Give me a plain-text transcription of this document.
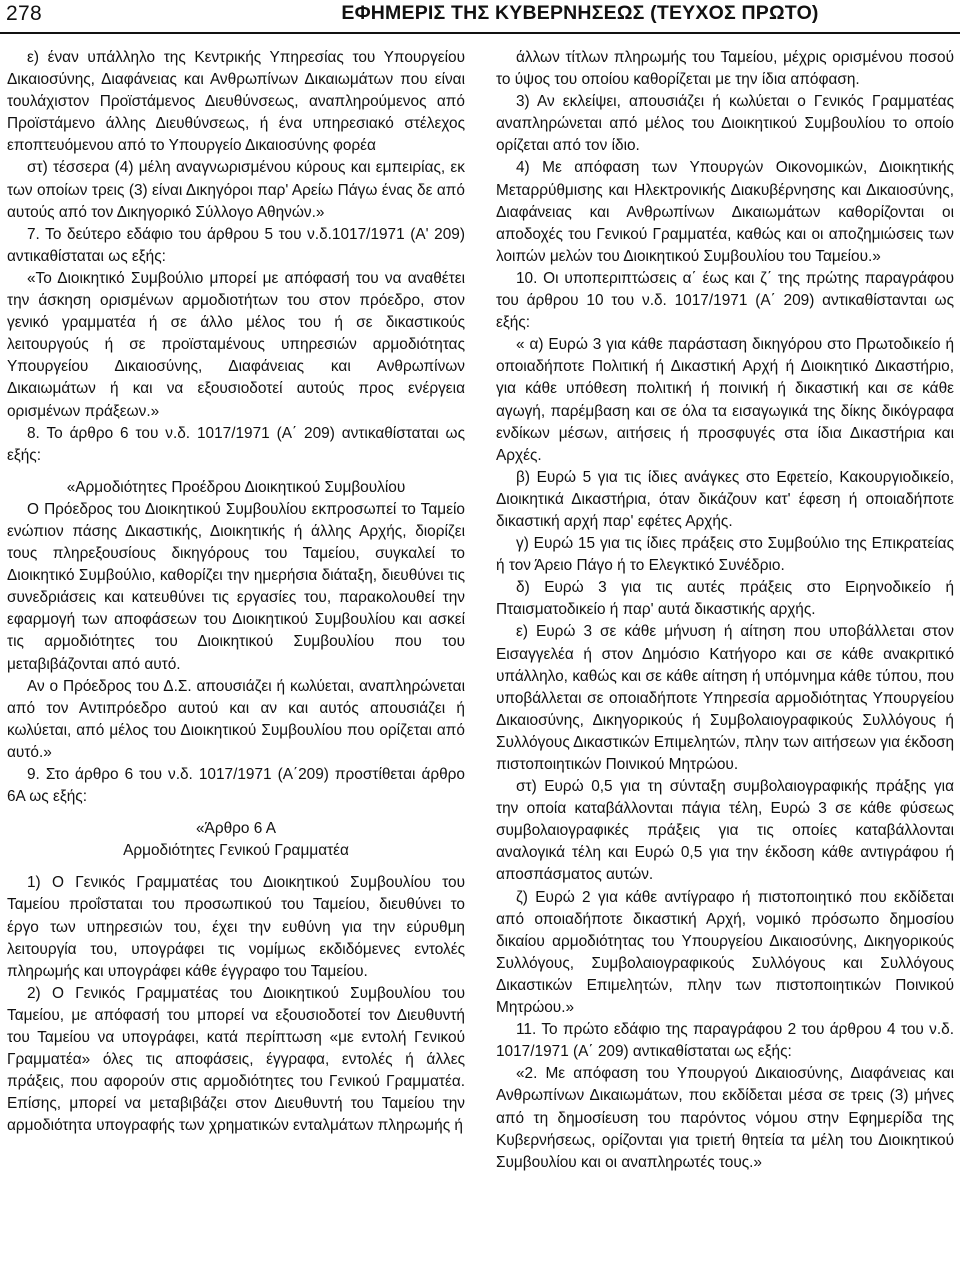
278	ΕΦΗΜΕΡΙΣ ΤΗΣ ΚΥΒΕΡΝΗΣΕΩΣ (ΤΕΥΧΟΣ ΠΡΩΤΟ)

ε) έναν υπάλληλο της Κεντρικής Υπηρεσίας του Υπουργείου Δικαιοσύνης, Διαφάνειας και Ανθρωπίνων Δικαιωμάτων που είναι τουλάχιστον Προϊστάμενος Διευθύνσεως, αναπληρούμενος από Προϊστάμενο άλλης Διευθύνσεως, ή ένα υπηρεσιακό στέλεχος εποπτευόμενου από το Υπουργείο Δικαιοσύνης φορέα

στ) τέσσερα (4) μέλη αναγνωρισμένου κύρους και εμπειρίας, εκ των οποίων τρεις (3) είναι Δικηγόροι παρ' Αρείω Πάγω ένας δε από αυτούς από τον Δικηγορικό Σύλλογο Αθηνών.»

7. Το δεύτερο εδάφιο του άρθρου 5 του ν.δ.1017/1971 (Α' 209) αντικαθίσταται ως εξής:

«Το Διοικητικό Συμβούλιο μπορεί με απόφασή του να αναθέτει την άσκηση ορισμένων αρμοδιοτήτων του στον πρόεδρο, στον γενικό γραμματέα ή σε άλλο μέλος του ή σε δικαστικούς λειτουργούς ή σε προϊσταμένους υπηρεσιών αρμοδιότητας Υπουργείου Δικαιοσύνης, Διαφάνειας και Ανθρωπίνων Δικαιωμάτων ή και να εξουσιοδοτεί αυτούς προς ενέργεια ορισμένων πράξεων.»

8. Το άρθρο 6 του ν.δ. 1017/1971 (Α΄ 209) αντικαθίσταται ως εξής:

«Αρμοδιότητες Προέδρου Διοικητικού Συμβουλίου

Ο Πρόεδρος του Διοικητικού Συμβουλίου εκπροσωπεί το Ταμείο ενώπιον πάσης Δικαστικής, Διοικητικής ή άλλης Αρχής, διορίζει τους πληρεξουσίους δικηγόρους του Ταμείου, συγκαλεί το Διοικητικό Συμβούλιο, καθορίζει την ημερήσια διάταξη, διευθύνει τις συνεδριάσεις και κατευθύνει τις εργασίες του, παρακολουθεί την εφαρμογή των αποφάσεων του Διοικητικού Συμβουλίου και ασκεί τις αρμοδιότητες του Διοικητικού Συμβουλίου που του μεταβιβάζονται από αυτό.

Αν ο Πρόεδρος του Δ.Σ. απουσιάζει ή κωλύεται, αναπληρώνεται από τον Αντιπρόεδρο αυτού και αν και αυτός απουσιάζει ή κωλύεται, από μέλος του Διοικητικού Συμβουλίου που ορίζεται από αυτό.»

9. Στο άρθρο 6 του ν.δ. 1017/1971 (Α΄209) προστίθεται άρθρο 6Α ως εξής:

«Άρθρο 6 Α

Αρμοδιότητες Γενικού Γραμματέα

1) Ο Γενικός Γραμματέας του Διοικητικού Συμβουλίου του Ταμείου προΐσταται του προσωπικού του Ταμείου, διευθύνει το έργο των υπηρεσιών του, έχει την ευθύνη για την εύρυθμη λειτουργία του, υπογράφει τις νομίμως εκδιδόμενες εντολές πληρωμής και υπογράφει κάθε έγγραφο του Ταμείου.

2) Ο Γενικός Γραμματέας του Διοικητικού Συμβουλίου του Ταμείου, με απόφασή του μπορεί να εξουσιοδοτεί τον Διευθυντή του Ταμείου να υπογράφει, κατά περίπτωση «με εντολή Γενικού Γραμματέα» όλες τις αποφάσεις, έγγραφα, εντολές ή άλλες πράξεις, που αφορούν στις αρμοδιότητες του Γενικού Γραμματέα. Επίσης, μπορεί να μεταβιβάζει στον Διευθυντή του Ταμείου την αρμοδιότητα υπογραφής των χρηματικών ενταλμάτων πληρωμής ή

άλλων τίτλων πληρωμής του Ταμείου, μέχρις ορισμένου ποσού το ύψος του οποίου καθορίζεται με την ίδια απόφαση.

3) Αν εκλείψει, απουσιάζει ή κωλύεται ο Γενικός Γραμματέας αναπληρώνεται από μέλος του Διοικητικού Συμβουλίου το οποίο ορίζεται από τον ίδιο.

4) Με απόφαση των Υπουργών Οικονομικών, Διοικητικής Μεταρρύθμισης και Ηλεκτρονικής Διακυβέρνησης και Δικαιοσύνης, Διαφάνειας και Ανθρωπίνων Δικαιωμάτων καθορίζονται οι αποδοχές του Γενικού Γραμματέα, καθώς και οι αποζημιώσεις των λοιπών μελών του Διοικητικού Συμβουλίου του Ταμείου.»

10. Οι υποπεριπτώσεις α΄ έως και ζ΄ της πρώτης παραγράφου του άρθρου 10 του ν.δ. 1017/1971 (Α΄ 209) αντικαθίστανται ως εξής:

« α) Ευρώ 3 για κάθε παράσταση δικηγόρου στο Πρωτοδικείο ή οποιαδήποτε Πολιτική ή Δικαστική Αρχή ή Διοικητικό Δικαστήριο, για κάθε υπόθεση πολιτική ή ποινική ή δικαστική και σε κάθε αγωγή, παρέμβαση και σε όλα τα εισαγωγικά της δίκης δικόγραφα ενδίκων μέσων, αιτήσεις ή προσφυγές στα ίδια Δικαστήρια και Αρχές.

β) Ευρώ 5 για τις ίδιες ανάγκες στο Εφετείο, Κακουργιοδικείο, Διοικητικά Δικαστήρια, όταν δικάζουν κατ' έφεση ή οποιαδήποτε δικαστική αρχή παρ' εφέτες Αρχής.

γ) Ευρώ 15 για τις ίδιες πράξεις στο Συμβούλιο της Επικρατείας ή τον Άρειο Πάγο ή το Ελεγκτικό Συνέδριο.

δ) Ευρώ 3 για τις αυτές πράξεις στο Ειρηνοδικείο ή Πταισματοδικείο ή παρ' αυτά δικαστικής αρχής.

ε) Ευρώ 3 σε κάθε μήνυση ή αίτηση που υποβάλλεται στον Εισαγγελέα ή στον Δημόσιο Κατήγορο και σε κάθε ανακριτικό υπάλληλο, καθώς και σε κάθε αίτηση ή υπόμνημα κάθε τύπου, που υποβάλλεται σε οποιαδήποτε Υπηρεσία αρμοδιότητας Υπουργείου Δικαιοσύνης, Δικηγορικούς ή Συμβολαιογραφικούς Συλλόγους ή Συλλόγους Δικαστικών Επιμελητών, πλην των αιτήσεων για έκδοση πιστοποιητικών Ποινικού Μητρώου.

στ) Ευρώ 0,5 για τη σύνταξη συμβολαιογραφικής πράξης για την οποία καταβάλλονται πάγια τέλη, Ευρώ 3 σε κάθε φύσεως συμβολαιογραφικές πράξεις για τις οποίες καταβάλλονται αναλογικά τέλη και Ευρώ 0,5 για την έκδοση κάθε αντιγράφου ή αποσπάσματος αυτών.

ζ) Ευρώ 2 για κάθε αντίγραφο ή πιστοποιητικό που εκδίδεται από οποιαδήποτε δικαστική Αρχή, νομικό πρόσωπο δημοσίου δικαίου αρμοδιότητας του Υπουργείου Δικαιοσύνης, Δικηγορικούς Συλλόγους, Συμβολαιογραφικούς Συλλόγους και Συλλόγους Δικαστικών Επιμελητών, πλην των πιστοποιητικών Ποινικού Μητρώου.»

11. Το πρώτο εδάφιο της παραγράφου 2 του άρθρου 4 του ν.δ. 1017/1971 (Α΄ 209) αντικαθίσταται ως εξής:

«2. Με απόφαση του Υπουργού Δικαιοσύνης, Διαφάνειας και Ανθρωπίνων Δικαιωμάτων, που εκδίδεται μέσα σε τρεις (3) μήνες από τη δημοσίευση του παρόντος νόμου στην Εφημερίδα της Κυβερνήσεως, ορίζονται για τριετή θητεία τα μέλη του Διοικητικού Συμβουλίου και οι αναπληρωτές τους.»
